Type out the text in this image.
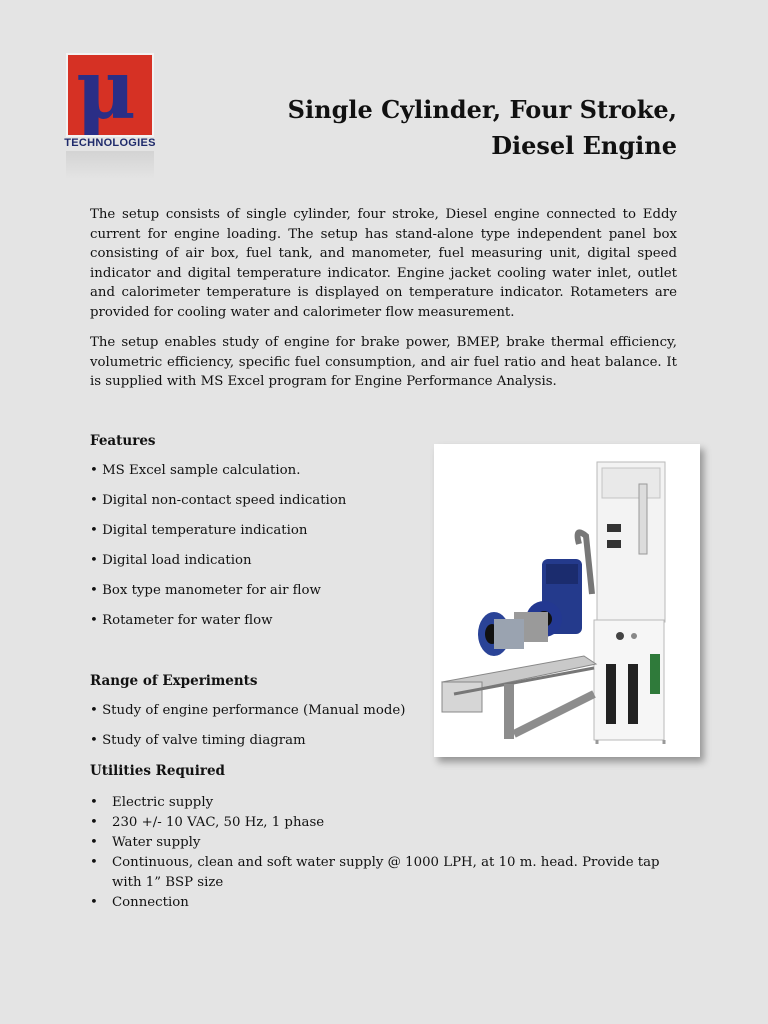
μ
TECHNOLOGIES
Single Cylinder, Four Stroke, Diesel Engine

The setup consists of single cylinder, four stroke, Diesel engine connected to Eddy current for engine loading. The setup has stand-alone type independent panel box consisting of air box, fuel tank, and manometer, fuel measuring unit, digital speed indicator and digital temperature indicator. Engine jacket cooling water inlet, outlet and calorimeter temperature is displayed on temperature indicator. Rotameters are provided for cooling water and calorimeter flow measurement.

The setup enables study of engine for brake power, BMEP, brake thermal efficiency, volumetric efficiency, specific fuel consumption, and air fuel ratio and heat balance. It is supplied with MS Excel program for Engine Performance Analysis.

Features

• MS Excel sample calculation.

• Digital non-contact speed indication

• Digital temperature indication

• Digital load indication

• Box type manometer for air flow

• Rotameter for water flow

Range of Experiments

• Study of engine performance (Manual mode)

• Study of valve timing diagram

Utilities Required

•	Electric supply
•	230 +/- 10 VAC, 50 Hz, 1 phase
•	Water supply
•	Continuous, clean and soft water supply @ 1000 LPH, at 10 m. head. Provide tap with 1” BSP size
•	Connection
